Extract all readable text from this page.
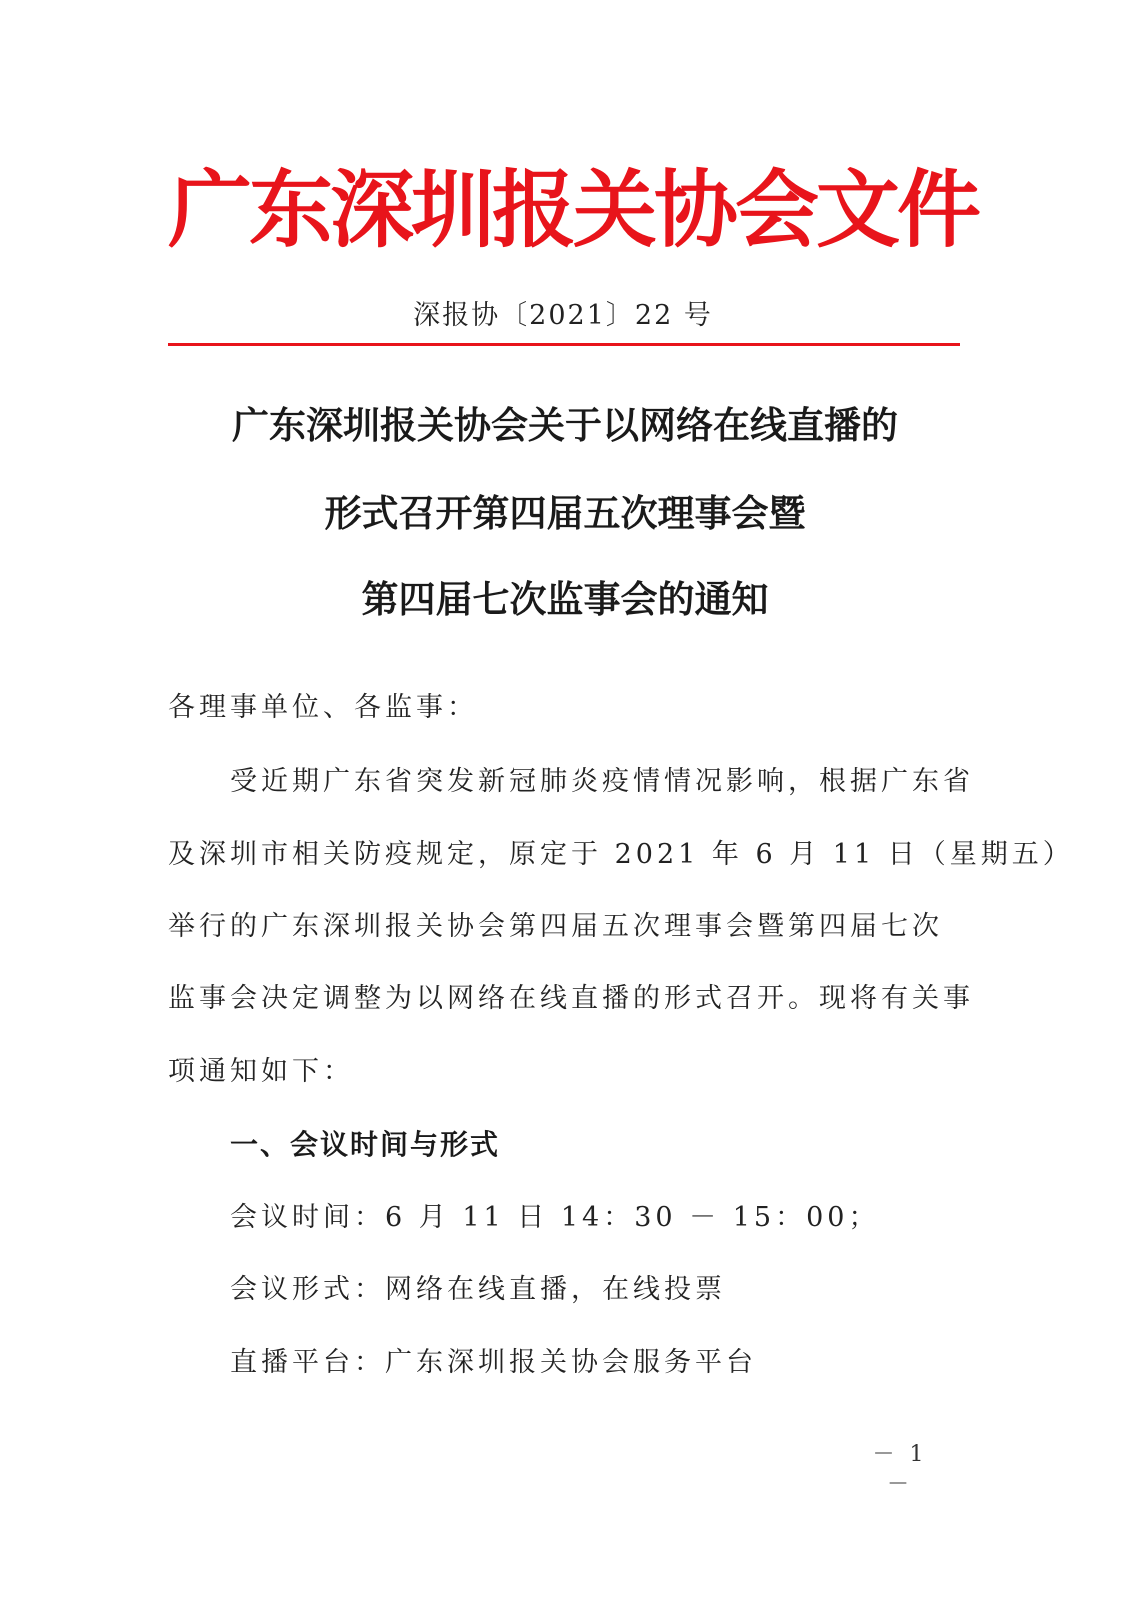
广东深圳报关协会文件
深报协〔2021〕22 号
广东深圳报关协会关于以网络在线直播的
形式召开第四届五次理事会暨
第四届七次监事会的通知
各理事单位、各监事：
受近期广东省突发新冠肺炎疫情情况影响，根据广东省
及深圳市相关防疫规定，原定于 2021 年 6 月 11 日（星期五）
举行的广东深圳报关协会第四届五次理事会暨第四届七次
监事会决定调整为以网络在线直播的形式召开。现将有关事
项通知如下：
一、会议时间与形式
会议时间：6 月 11 日 14：30 － 15：00；
会议形式：网络在线直播，在线投票
直播平台：广东深圳报关协会服务平台
－ 1 －
